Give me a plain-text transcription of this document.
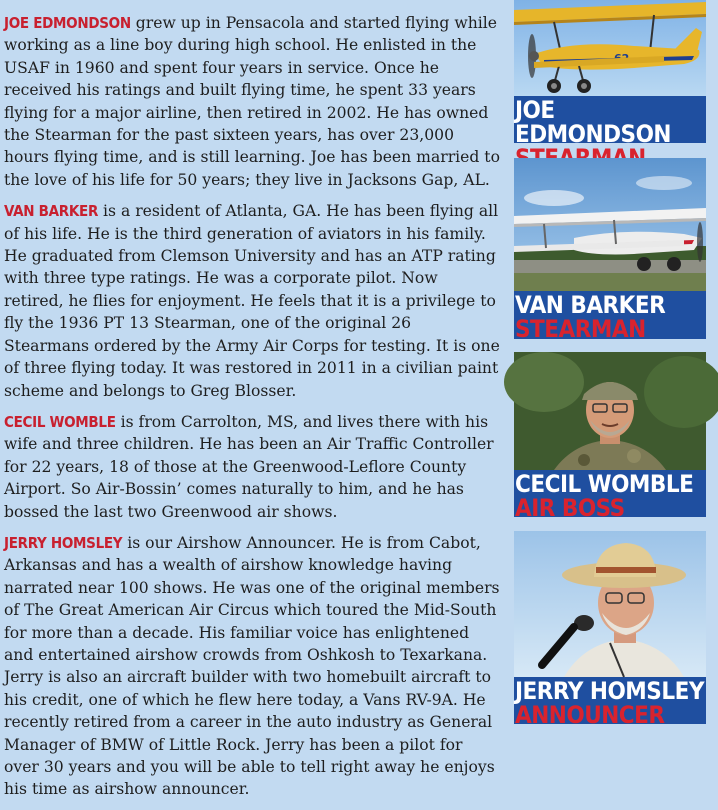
JOE EDMONDSON grew up in Pensacola and started flying while working as a line boy during high school. He enlisted in the USAF in 1960 and spent four years in service. Once he received his ratings and built flying time, he spent 33 years flying for a major airline, then retired in 2002. He has owned the Stearman for the past sixteen years, has over 23,000 hours flying time, and is still learning. Joe has been married to the love of his life for 50 years; they live in Jacksons Gap, AL.

VAN BARKER is a resident of Atlanta, GA. He has been flying all of his life. He is the third generation of aviators in his family. He graduated from Clemson University and has an ATP rating with three type ratings. He was a corporate pilot. Now retired, he flies for enjoyment. He feels that it is a privilege to fly the 1936 PT 13 Stearman, one of the original 26 Stearmans ordered by the Army Air Corps for testing. It is one of three flying today. It was restored in 2011 in a civilian paint scheme and belongs to Greg Blosser.

CECIL WOMBLE is from Carrolton, MS, and lives there with his wife and three children. He has been an Air Traffic Controller for 22 years, 18 of those at the Greenwood-Leflore County Airport. So Air-Bossin’ comes naturally to him, and he has bossed the last two Greenwood air shows.

JERRY HOMSLEY is our Airshow Announcer. He is from Cabot, Arkansas and has a wealth of airshow knowledge having narrated near 100 shows. He was one of the original members of The Great American Air Circus which toured the Mid-South for more than a decade. His familiar voice has enlightened and entertained airshow crowds from Oshkosh to Texarkana. Jerry is also an aircraft builder with two homebuilt aircraft to his credit, one of which he flew here today, a Vans RV-9A. He recently retired from a career in the auto industry as General Manager of BMW of Little Rock. Jerry has been a pilot for over 30 years and you will be able to tell right away he enjoys his time as airshow announcer.

JOE EDMONDSON
VAN BARKER
STEARMAN
CECIL WOMBLE
AIR BOSS
JERRY HOMSLEY
ANNOUNCER
